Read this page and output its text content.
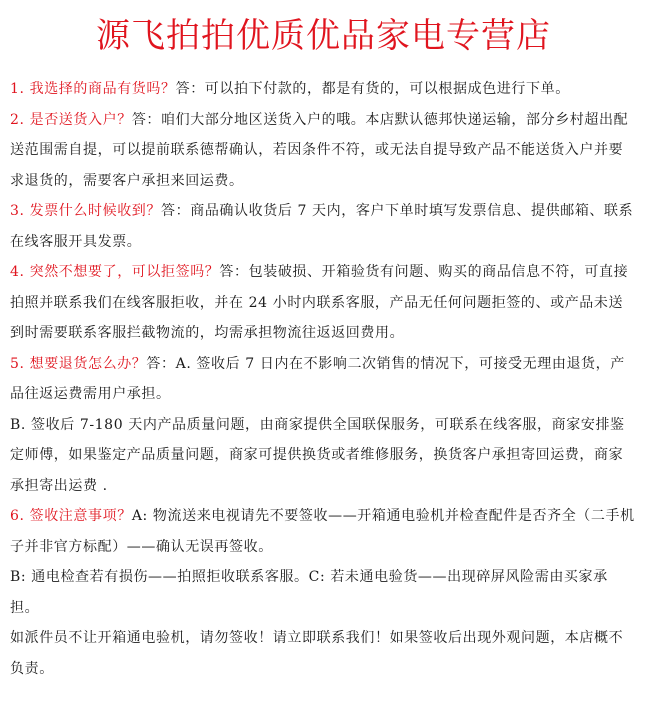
源飞拍拍优质优品家电专营店

1. 我选择的商品有货吗？答：可以拍下付款的，都是有货的，可以根据成色进行下单。

2. 是否送货入户？答：咱们大部分地区送货入户的哦。本店默认德邦快递运输，部分乡村超出配送范围需自提，可以提前联系德帮确认，若因条件不符，或无法自提导致产品不能送货入户并要求退货的，需要客户承担来回运费。

3. 发票什么时候收到？答：商品确认收货后 7 天内，客户下单时填写发票信息、提供邮箱、联系在线客服开具发票。

4. 突然不想要了，可以拒签吗？答：包装破损、开箱验货有问题、购买的商品信息不符，可直接拍照并联系我们在线客服拒收，并在 24 小时内联系客服，产品无任何问题拒签的、或产品未送到时需要联系客服拦截物流的，均需承担物流往返返回费用。

5. 想要退货怎么办？答：A. 签收后 7 日内在不影响二次销售的情况下，可接受无理由退货，产品往返运费需用户承担。

B. 签收后 7-180 天内产品质量问题，由商家提供全国联保服务，可联系在线客服，商家安排鉴定师傅，如果鉴定产品质量问题，商家可提供换货或者维修服务，换货客户承担寄回运费，商家承担寄出运费 .

6. 签收注意事项？A: 物流送来电视请先不要签收——开箱通电验机并检查配件是否齐全（二手机子并非官方标配）——确认无误再签收。

B: 通电检查若有损伤——拍照拒收联系客服。C: 若未通电验货——出现碎屏风险需由买家承担。

如派件员不让开箱通电验机，请勿签收！请立即联系我们！如果签收后出现外观问题，本店概不负责。
